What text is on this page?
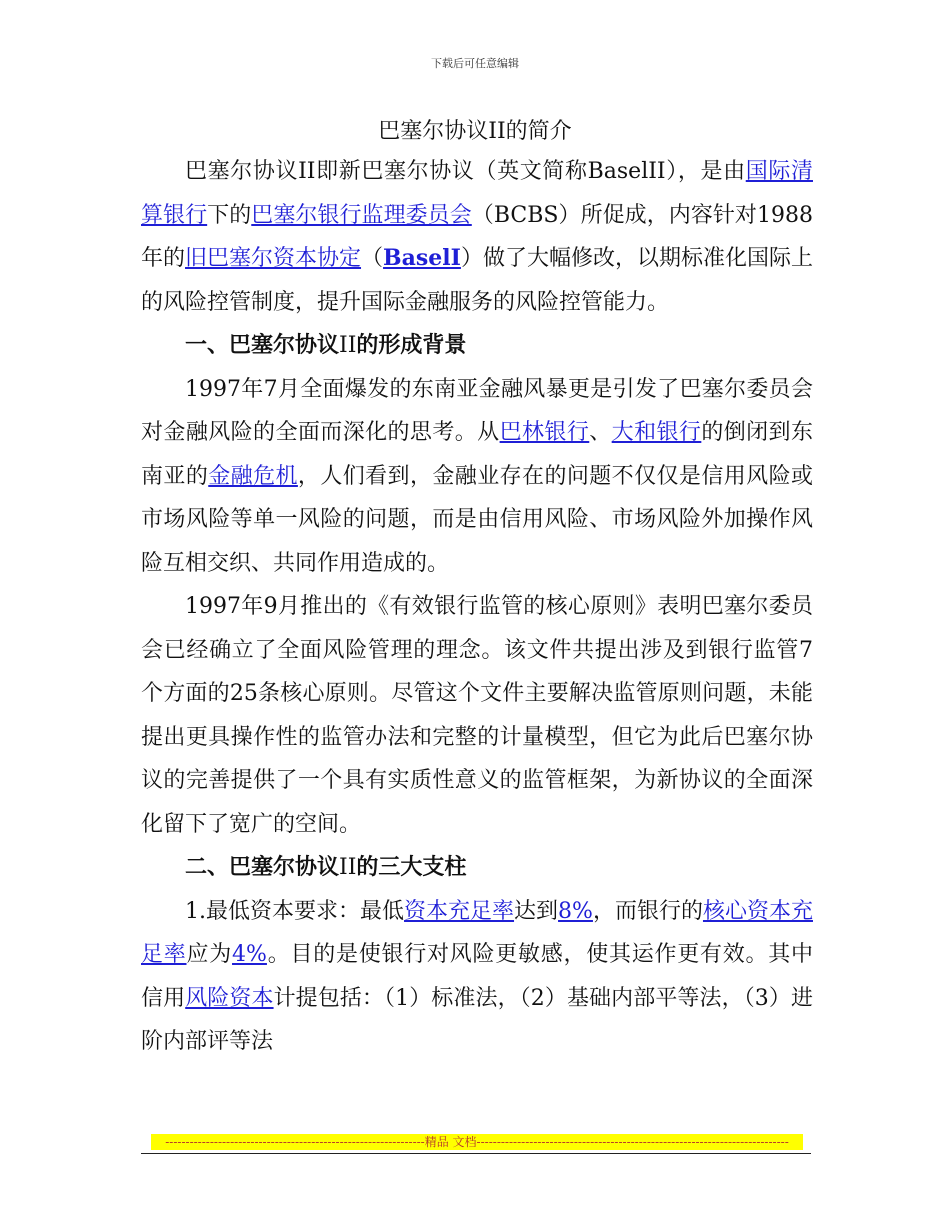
下载后可任意编辑
巴塞尔协议II的简介

巴塞尔协议II即新巴塞尔协议（英文简称BaselII），是由国际清算银行下的巴塞尔银行监理委员会（BCBS）所促成，内容针对1988年的旧巴塞尔资本协定（BaselI）做了大幅修改，以期标准化国际上的风险控管制度，提升国际金融服务的风险控管能力。

一、巴塞尔协议II的形成背景

1997年7月全面爆发的东南亚金融风暴更是引发了巴塞尔委员会对金融风险的全面而深化的思考。从巴林银行、大和银行的倒闭到东南亚的金融危机，人们看到，金融业存在的问题不仅仅是信用风险或市场风险等单一风险的问题，而是由信用风险、市场风险外加操作风险互相交织、共同作用造成的。

1997年9月推出的《有效银行监管的核心原则》表明巴塞尔委员会已经确立了全面风险管理的理念。该文件共提出涉及到银行监管7个方面的25条核心原则。尽管这个文件主要解决监管原则问题，未能提出更具操作性的监管办法和完整的计量模型，但它为此后巴塞尔协议的完善提供了一个具有实质性意义的监管框架，为新协议的全面深化留下了宽广的空间。

二、巴塞尔协议II的三大支柱

1.最低资本要求：最低资本充足率达到8%，而银行的核心资本充足率应为4%。目的是使银行对风险更敏感，使其运作更有效。其中信用风险资本计提包括：（1）标准法，（2）基础内部平等法，（3）进阶内部评等法

----------------------------------------------------------------精品 文档-----------------------------------------------------------------------------
